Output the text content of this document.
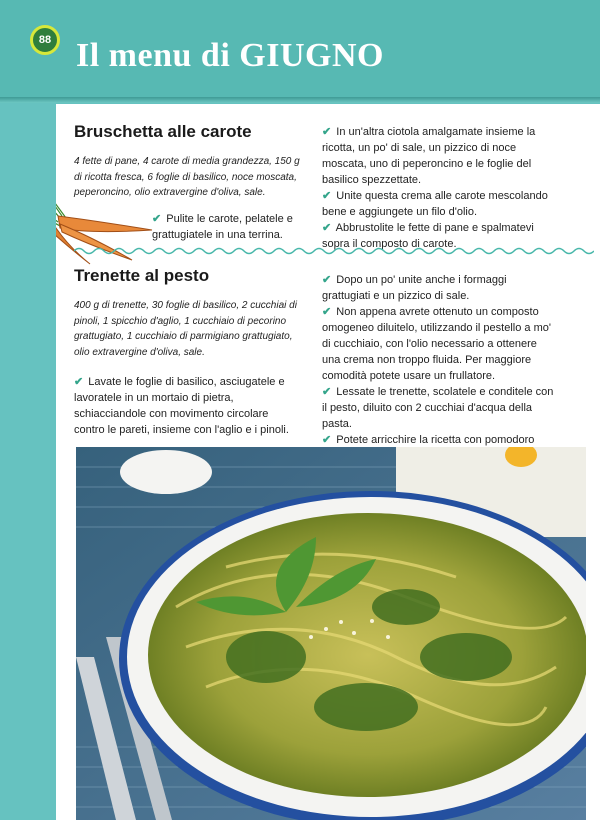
88 Il menu di GIUGNO
Bruschetta alle carote
4 fette di pane, 4 carote di media grandezza, 150 g di ricotta fresca, 6 foglie di basilico, noce moscata, peperoncino, olio extravergine d'oliva, sale.
✔ Pulite le carote, pelatele e grattugiatele in una terrina.
✔ In un'altra ciotola amalgamate insieme la ricotta, un po' di sale, un pizzico di noce moscata, uno di peperoncino e le foglie del basilico spezzettate.
✔ Unite questa crema alle carote mescolando bene e aggiungete un filo d'olio.
✔ Abbrustolite le fette di pane e spalmatevi sopra il composto di carote.
Trenette al pesto
400 g di trenette, 30 foglie di basilico, 2 cucchiai di pinoli, 1 spicchio d'aglio, 1 cucchiaio di pecorino grattugiato, 1 cucchiaio di parmigiano grattugiato, olio extravergine d'oliva, sale.
✔ Lavate le foglie di basilico, asciugatele e lavoratele in un mortaio di pietra, schiacciandole con movimento circolare contro le pareti, insieme con l'aglio e i pinoli.
✔ Dopo un po' unite anche i formaggi grattugiati e un pizzico di sale.
✔ Non appena avrete ottenuto un composto omogeneo diluitelo, utilizzando il pestello a mo' di cucchiaio, con l'olio necessario a ottenere una crema non troppo fluida. Per maggiore comodità potete usare un frullatore.
✔ Lessate le trenette, scolatele e conditele con il pesto, diluito con 2 cucchiai d'acqua della pasta.
✔ Potete arricchire la ricetta con pomodoro
